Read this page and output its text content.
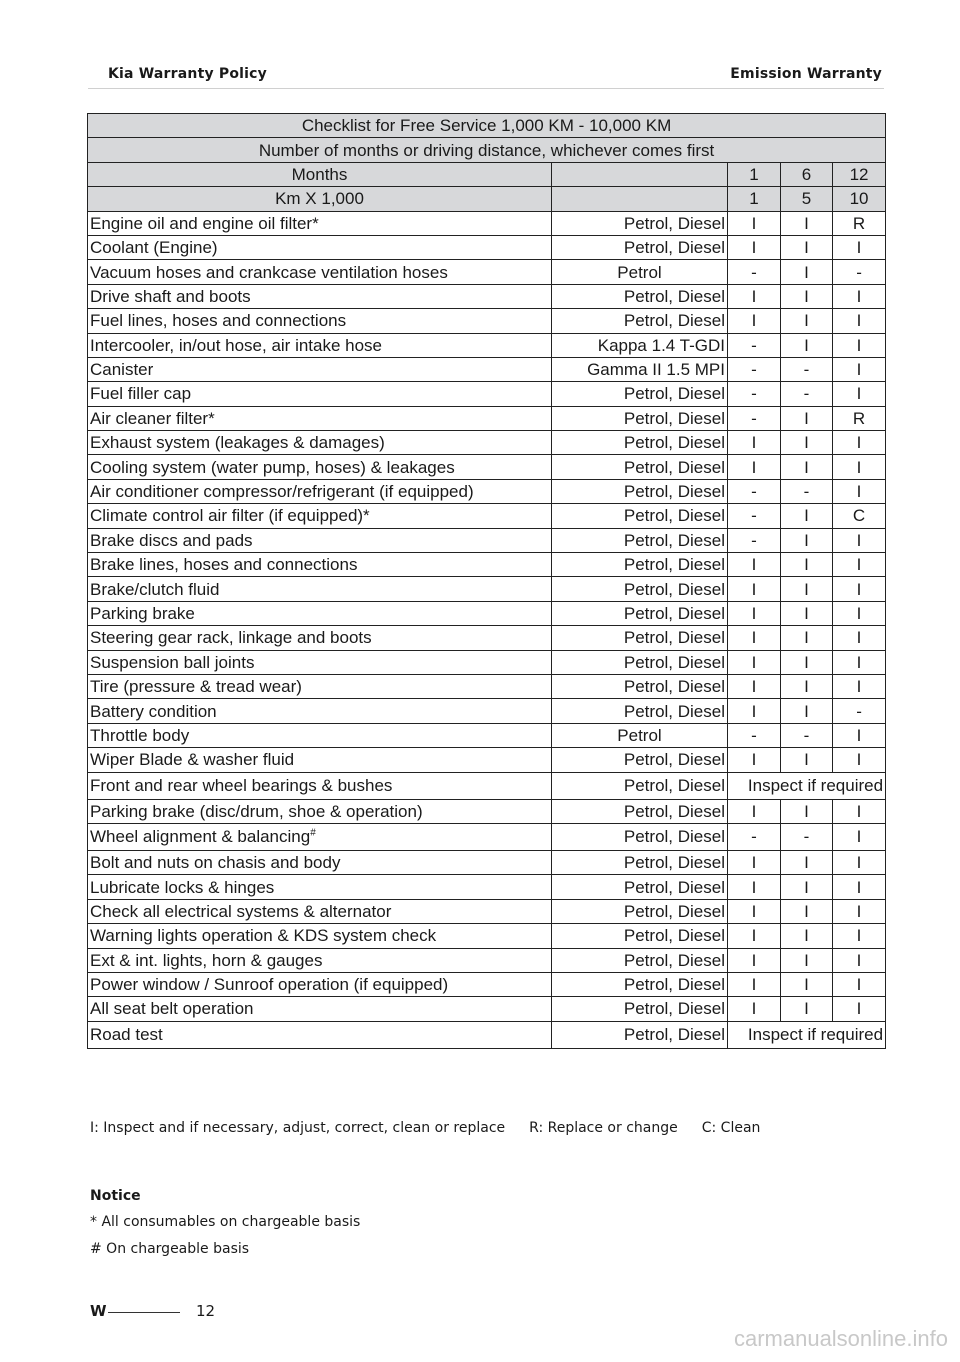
Kia Warranty Policy	Emission Warranty
Checklist for Free Service 1,000 KM - 10,000 KM				
Number of months or driving distance, whichever comes first				
Months		1	6	12
Km X 1,000		1	5	10
Engine oil and engine oil filter*	Petrol, Diesel	I	I	R
Coolant (Engine)	Petrol, Diesel	I	I	I
Vacuum hoses and crankcase ventilation hoses	Petrol	-	I	-
Drive shaft and boots	Petrol, Diesel	I	I	I
Fuel lines, hoses and connections	Petrol, Diesel	I	I	I
Intercooler, in/out hose, air intake hose	Kappa 1.4 T-GDI	-	I	I
Canister	Gamma II 1.5 MPI	-	-	I
Fuel filler cap	Petrol, Diesel	-	-	I
Air cleaner filter*	Petrol, Diesel	-	I	R
Exhaust system (leakages & damages)	Petrol, Diesel	I	I	I
Cooling system (water pump, hoses) & leakages	Petrol, Diesel	I	I	I
Air conditioner compressor/refrigerant (if equipped)	Petrol, Diesel	-	-	I
Climate control air filter (if equipped)*	Petrol, Diesel	-	I	C
Brake discs and pads	Petrol, Diesel	-	I	I
Brake lines, hoses and connections	Petrol, Diesel	I	I	I
Brake/clutch fluid	Petrol, Diesel	I	I	I
Parking brake	Petrol, Diesel	I	I	I
Steering gear rack, linkage and boots	Petrol, Diesel	I	I	I
Suspension ball joints	Petrol, Diesel	I	I	I
Tire (pressure & tread wear)	Petrol, Diesel	I	I	I
Battery condition	Petrol, Diesel	I	I	-
Throttle body	Petrol	-	-	I
Wiper Blade & washer fluid	Petrol, Diesel	I	I	I
Front and rear wheel bearings & bushes	Petrol, Diesel	Inspect if required		
Parking brake (disc/drum, shoe & operation)	Petrol, Diesel	I	I	I
Wheel alignment & balancing#	Petrol, Diesel	-	-	I
Bolt and nuts on chasis and body	Petrol, Diesel	I	I	I
Lubricate locks & hinges	Petrol, Diesel	I	I	I
Check all electrical systems & alternator	Petrol, Diesel	I	I	I
Warning lights operation & KDS system check	Petrol, Diesel	I	I	I
Ext & int. lights, horn & gauges	Petrol, Diesel	I	I	I
Power window / Sunroof operation (if equipped)	Petrol, Diesel	I	I	I
All seat belt operation	Petrol, Diesel	I	I	I
Road test	Petrol, Diesel	Inspect if required		
I: Inspect and if necessary, adjust, correct, clean or replace R: Replace or change C: Clean
Notice
* All consumables on chargeable basis
# On chargeable basis
W	12
carmanualsonline.info
